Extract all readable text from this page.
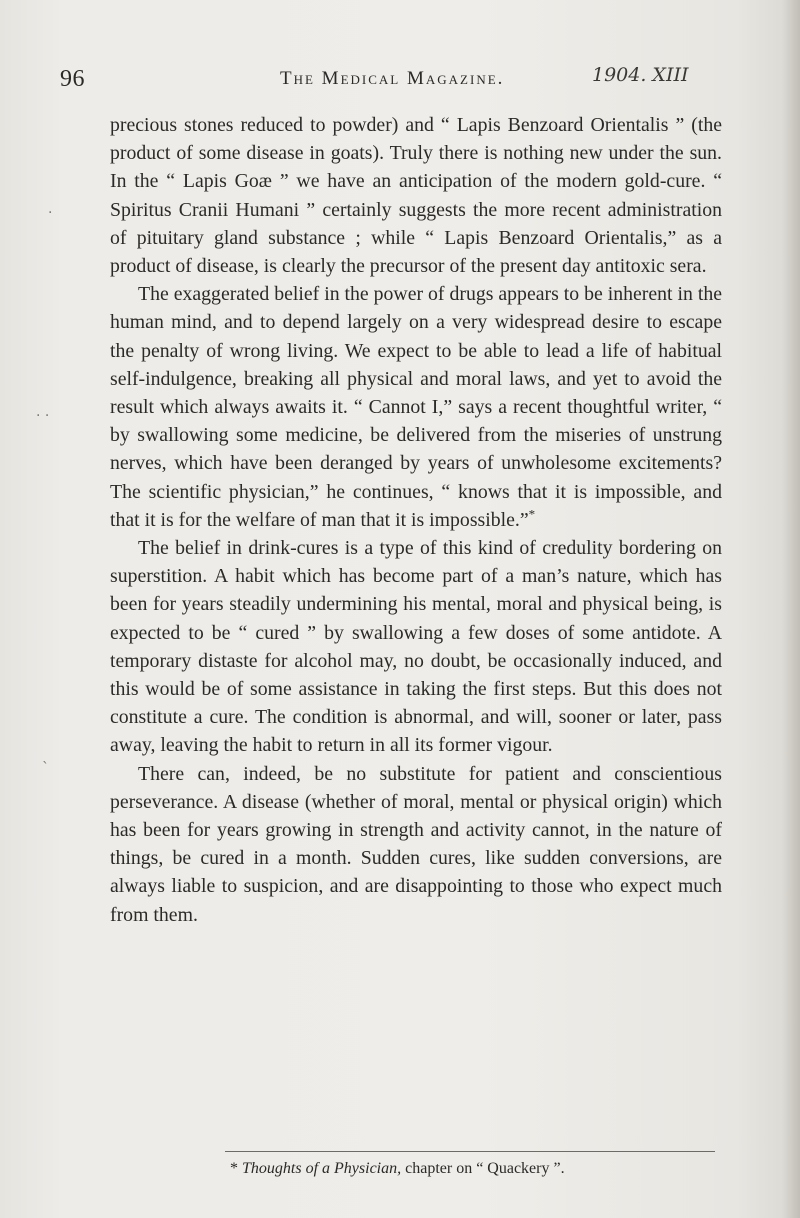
96	The Medical Magazine.	1904. XIII

precious stones reduced to powder) and “ Lapis Benzoard Orientalis ” (the product of some disease in goats). Truly there is nothing new under the sun. In the “ Lapis Goæ ” we have an anticipation of the modern gold-cure. “ Spiritus Cranii Humani ” certainly suggests the more recent administration of pituitary gland substance ; while “ Lapis Benzoard Orientalis,” as a product of disease, is clearly the precursor of the present day antitoxic sera.

The exaggerated belief in the power of drugs appears to be inherent in the human mind, and to depend largely on a very widespread desire to escape the penalty of wrong living. We expect to be able to lead a life of habitual self-indulgence, breaking all physical and moral laws, and yet to avoid the result which always awaits it. “ Cannot I,” says a recent thoughtful writer, “ by swallowing some medicine, be delivered from the miseries of unstrung nerves, which have been deranged by years of unwholesome excitements? The scientific physician,” he continues, “ knows that it is impossible, and that it is for the welfare of man that it is impossible.”*

The belief in drink-cures is a type of this kind of credulity bordering on superstition. A habit which has become part of a man’s nature, which has been for years steadily undermining his mental, moral and physical being, is expected to be “ cured ” by swallowing a few doses of some antidote. A temporary distaste for alcohol may, no doubt, be occasionally induced, and this would be of some assistance in taking the first steps. But this does not constitute a cure. The condition is abnormal, and will, sooner or later, pass away, leaving the habit to return in all its former vigour.

There can, indeed, be no substitute for patient and conscientious perseverance. A disease (whether of moral, mental or physical origin) which has been for years growing in strength and activity cannot, in the nature of things, be cured in a month. Sudden cures, like sudden conversions, are always liable to suspicion, and are disappointing to those who expect much from them.

* Thoughts of a Physician, chapter on “ Quackery ”.
·
· ·
ˎ
